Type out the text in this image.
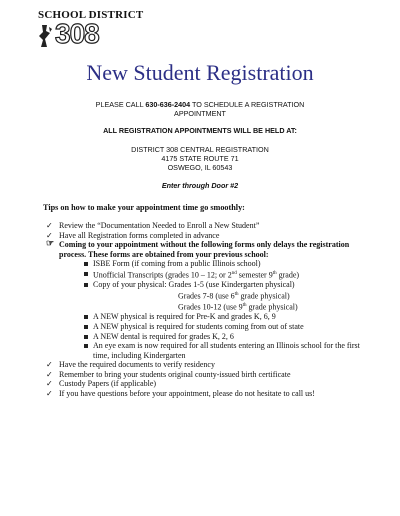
SCHOOL DISTRICT
308
New Student Registration
PLEASE CALL 630-636-2404 TO SCHEDULE A REGISTRATION
APPOINTMENT
ALL REGISTRATION APPOINTMENTS WILL BE HELD AT:
DISTRICT 308 CENTRAL REGISTRATION
4175 STATE ROUTE 71
OSWEGO, IL 60543
Enter through Door #2
Tips on how to make your appointment time go smoothly:
✓ Review the “Documentation Needed to Enroll a New Student”
✓ Have all Registration forms completed in advance
☞ Coming to your appointment without the following forms only delays the registration process. These forms are obtained from your previous school:
ISBE Form (if coming from a public Illinois school)
Unofficial Transcripts (grades 10 – 12; or 2nd semester 9th grade)
Copy of your physical: Grades 1-5 (use Kindergarten physical)
Grades 7-8 (use 6th grade physical)
Grades 10-12 (use 9th grade physical)
A NEW physical is required for Pre-K and grades K, 6, 9
A NEW physical is required for students coming from out of state
A NEW dental is required for grades K, 2, 6
An eye exam is now required for all students entering an Illinois school for the first time, including Kindergarten
✓ Have the required documents to verify residency
✓ Remember to bring your students original county-issued birth certificate
✓ Custody Papers (if applicable)
✓ If you have questions before your appointment, please do not hesitate to call us!
